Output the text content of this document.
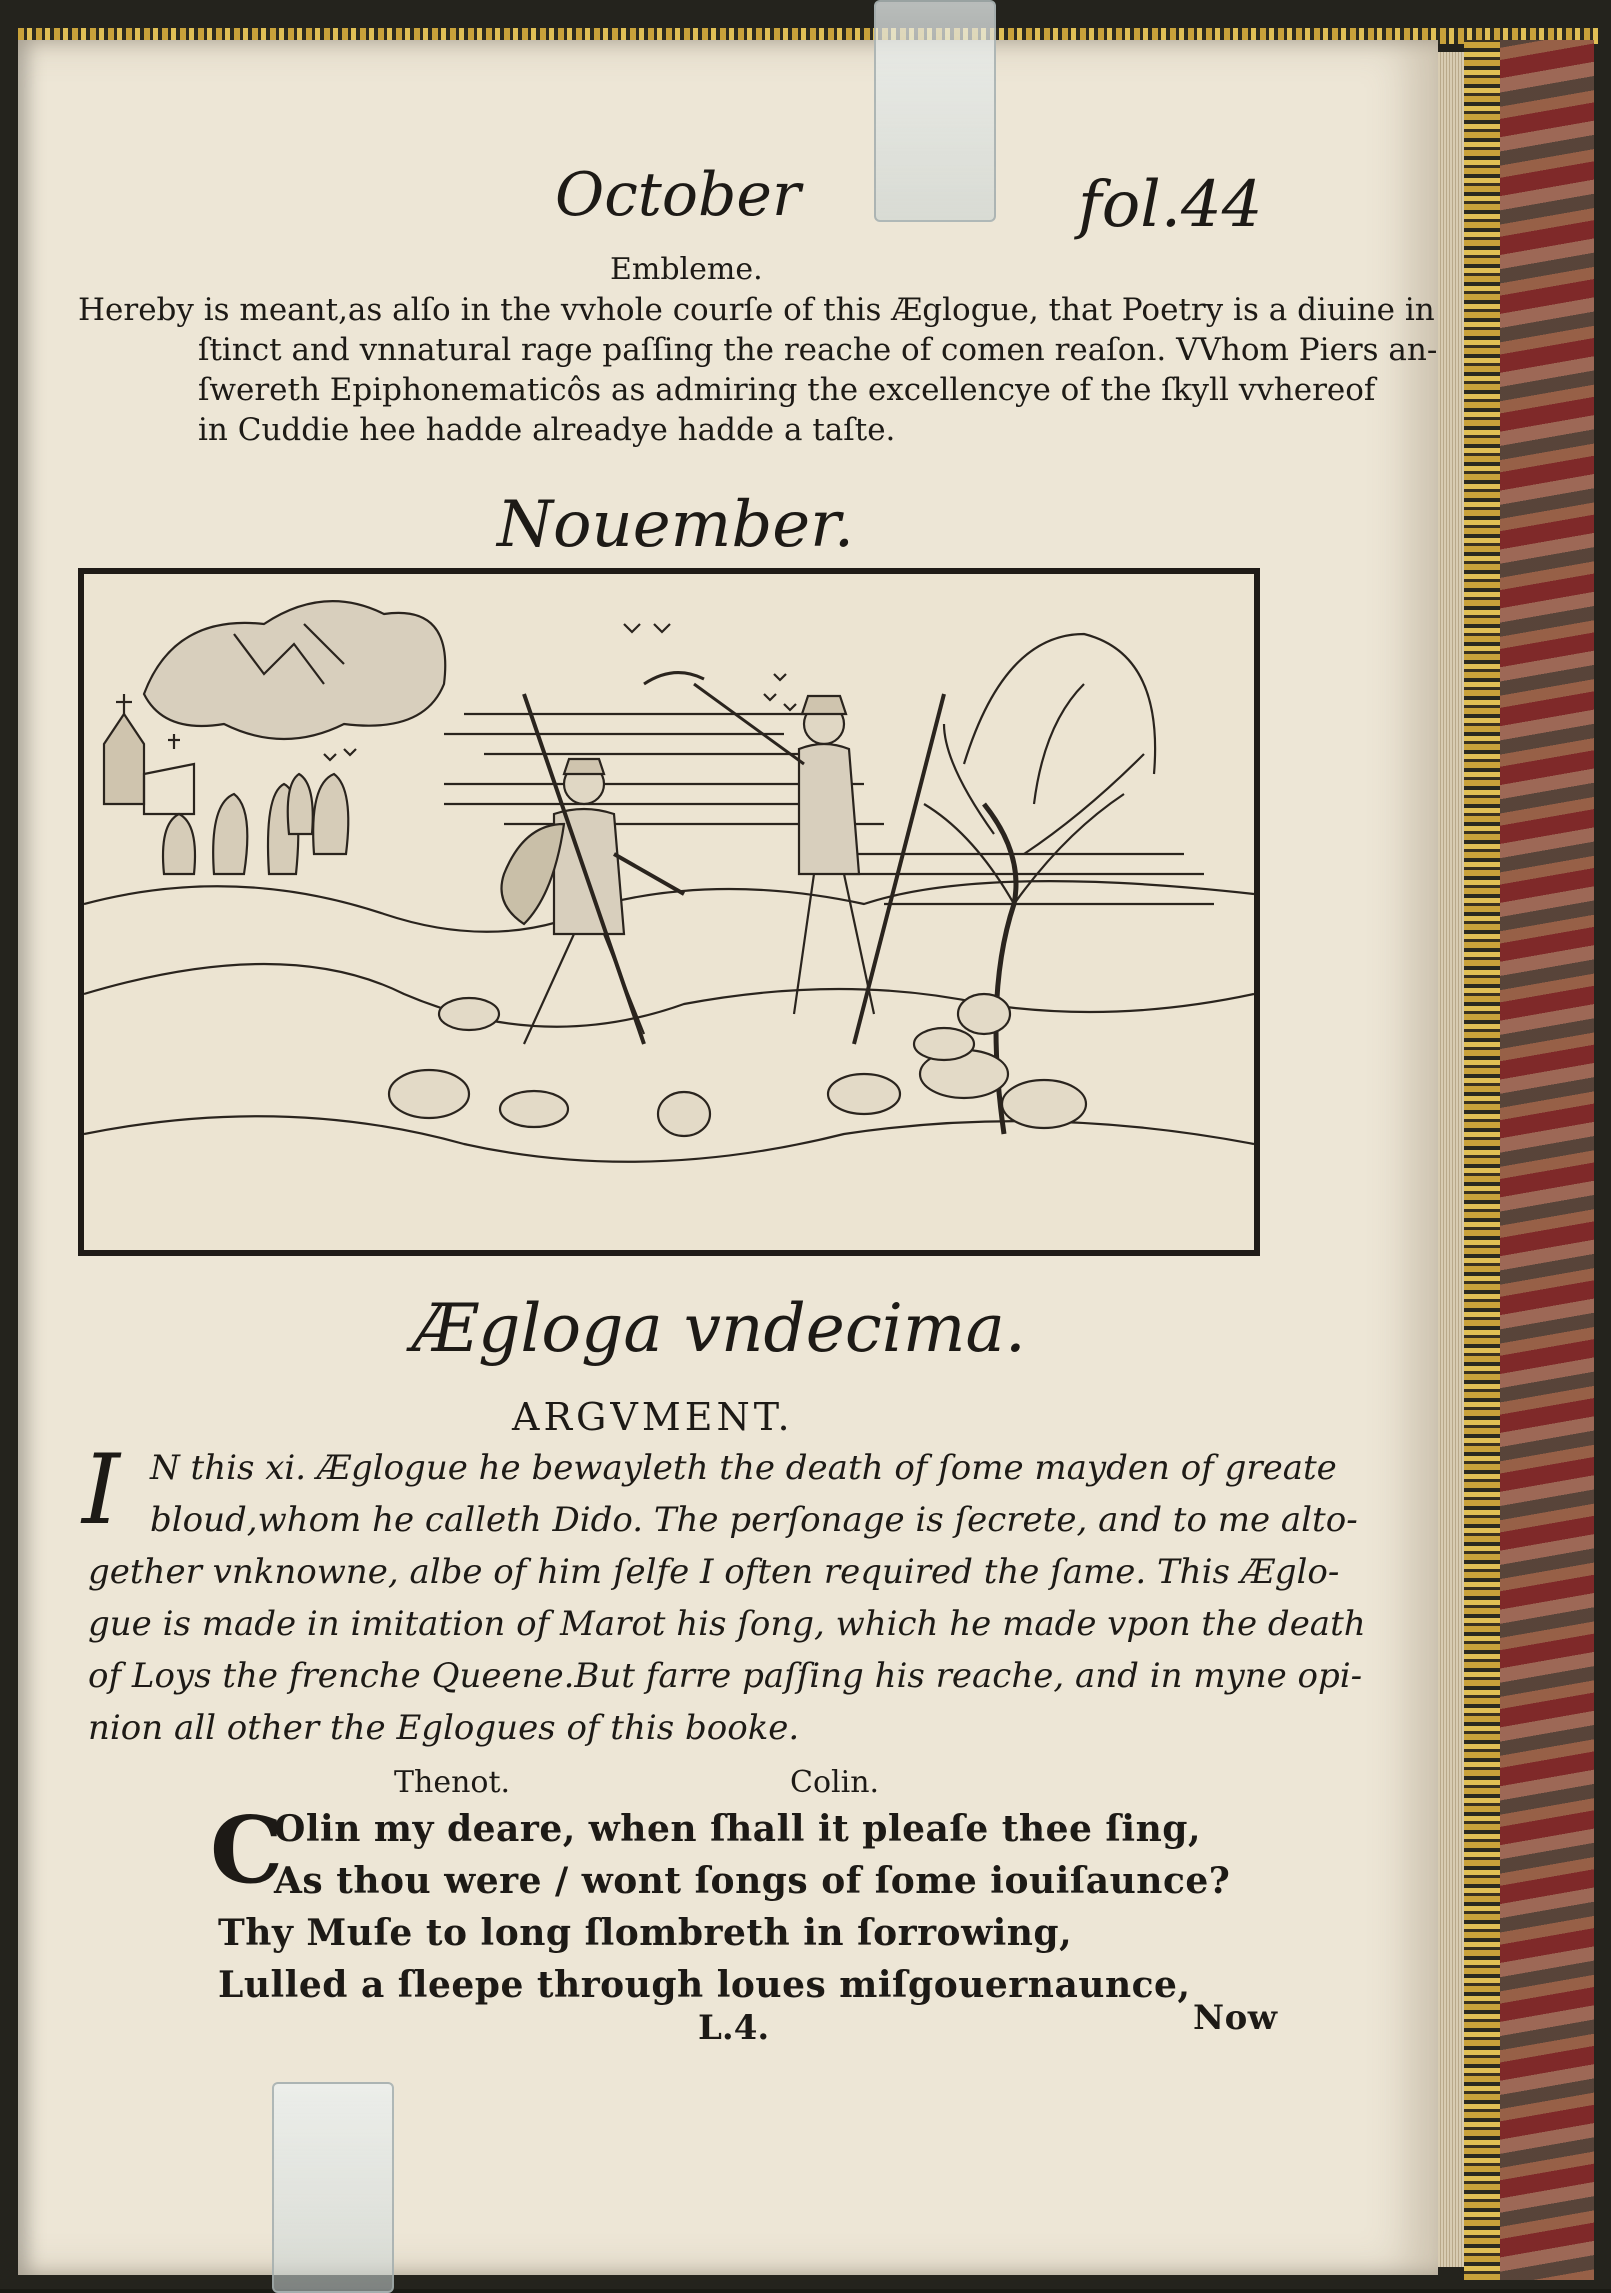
October	fol.44
Embleme.
Hereby is meant,as alſo in the vvhole courſe of this Æglogue, that Poetry is a diuine in
ſtinct and vnnatural rage paſſing the reache of comen reaſon. VVhom Piers an-
ſwereth Epiphonematicôs as admiring the excellencye of the ſkyll vvhereof
in Cuddie hee hadde alreadye hadde a taſte.
Nouember.
Ægloga vndecima.
ARGVMENT.
I N this xi. Æglogue he bewayleth the death of ſome mayden of greate
bloud,whom he calleth Dido. The perſonage is ſecrete, and to me alto-
gether vnknowne, albe of him ſelfe I often required the ſame. This Æglo-
gue is made in imitation of Marot his ſong, which he made vpon the death
of Loys the frenche Queene.But farre paſſing his reache, and in myne opi-
nion all other the Eglogues of this booke.
Thenot.	Colin.
C
Olin my deare, when ſhall it pleaſe thee ſing,
As thou were / wont ſongs of ſome iouiſaunce?
Thy Muſe to long ſlombreth in ſorrowing,
Lulled a ſleepe through loues miſgouernaunce,
L.4.	Now
